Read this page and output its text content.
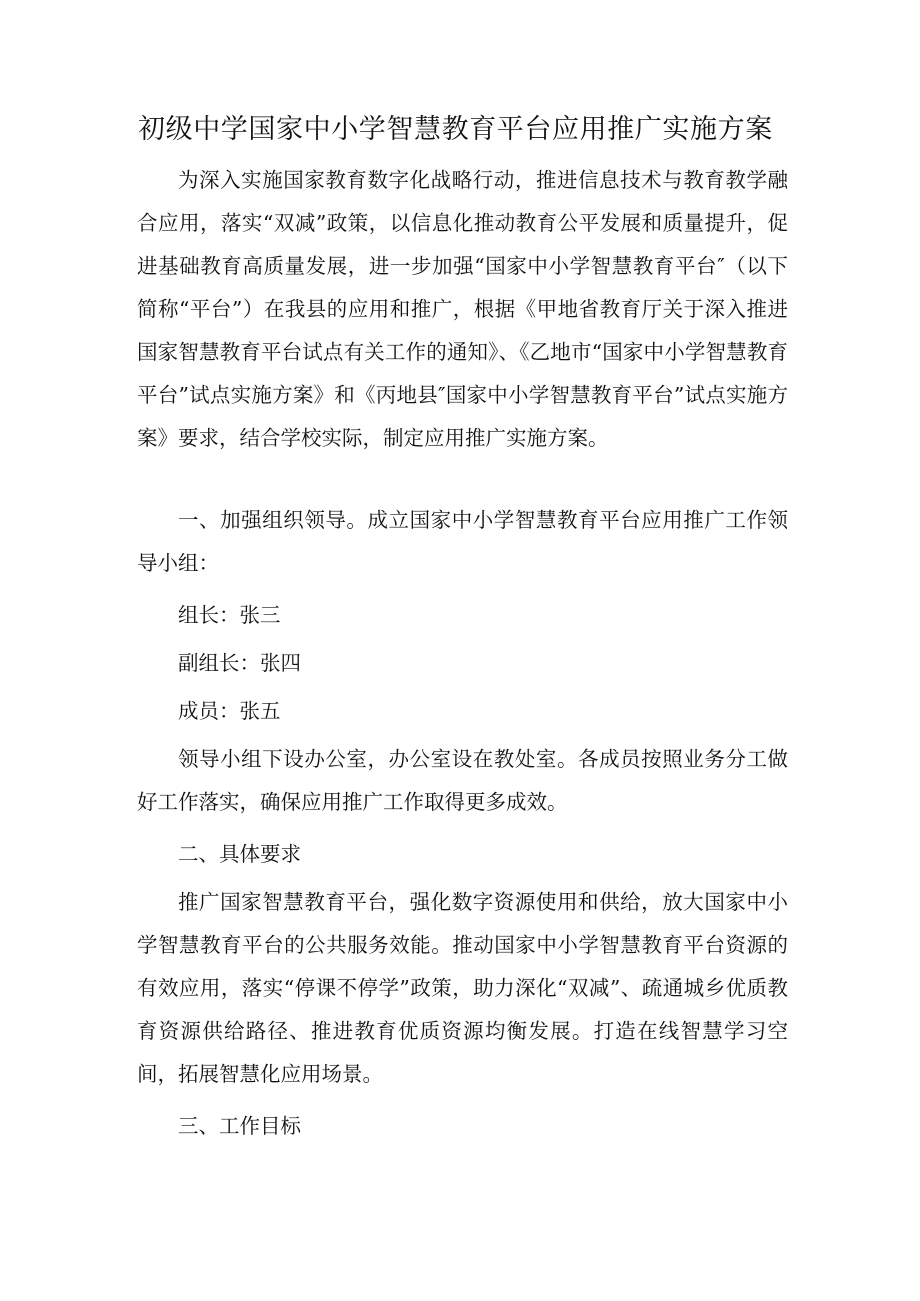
初级中学国家中小学智慧教育平台应用推广实施方案

为深入实施国家教育数字化战略行动，推进信息技术与教育教学融合应用，落实“双减”政策，以信息化推动教育公平发展和质量提升，促进基础教育高质量发展，进一步加强“国家中小学智慧教育平台″（以下简称“平台”）在我县的应用和推广，根据《甲地省教育厅关于深入推进国家智慧教育平台试点有关工作的通知》、《乙地市“国家中小学智慧教育平台”试点实施方案》和《丙地县″国家中小学智慧教育平台”试点实施方案》要求，结合学校实际，制定应用推广实施方案。

一、加强组织领导。成立国家中小学智慧教育平台应用推广工作领导小组：

组长：张三

副组长：张四

成员：张五

领导小组下设办公室，办公室设在教处室。各成员按照业务分工做好工作落实，确保应用推广工作取得更多成效。

二、具体要求

推广国家智慧教育平台，强化数字资源使用和供给，放大国家中小学智慧教育平台的公共服务效能。推动国家中小学智慧教育平台资源的有效应用，落实“停课不停学”政策，助力深化“双减”、疏通城乡优质教育资源供给路径、推进教育优质资源均衡发展。打造在线智慧学习空间，拓展智慧化应用场景。

三、工作目标
